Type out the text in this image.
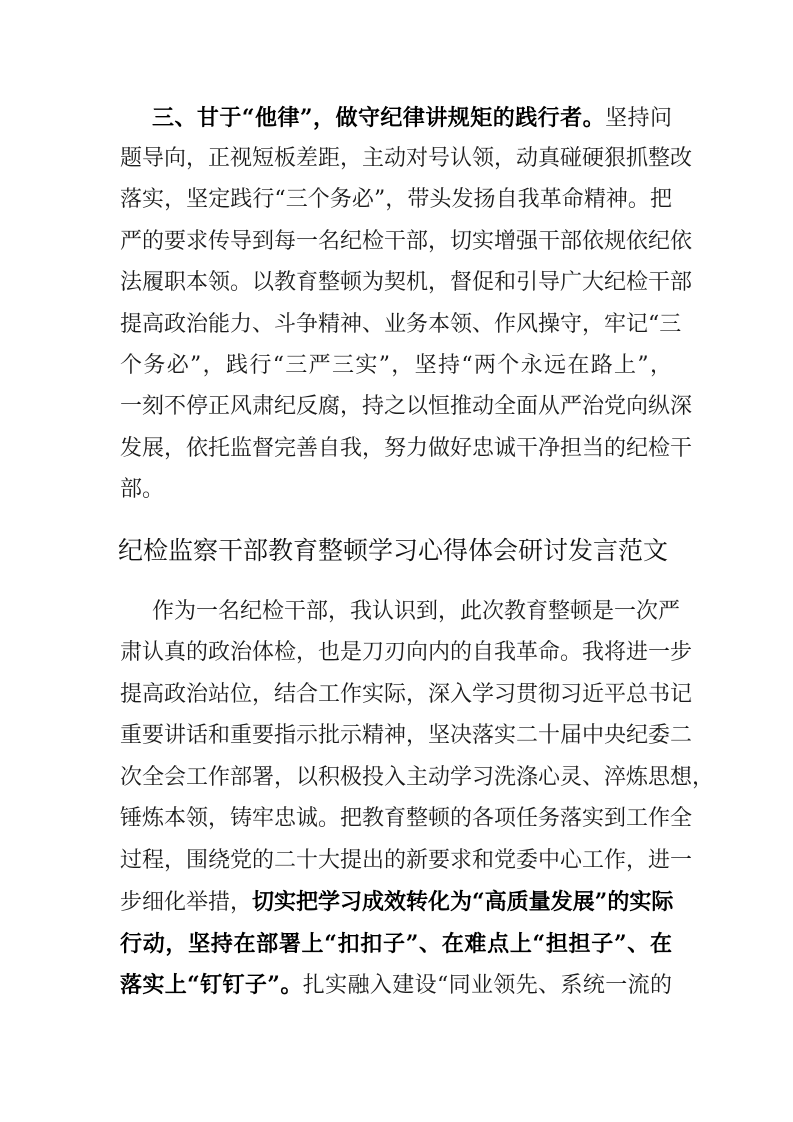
三、甘于“他律”，做守纪律讲规矩的践行者。坚持问
题导向，正视短板差距，主动对号认领，动真碰硬狠抓整改
落实，坚定践行“三个务必”，带头发扬自我革命精神。把
严的要求传导到每一名纪检干部，切实增强干部依规依纪依
法履职本领。以教育整顿为契机，督促和引导广大纪检干部
提高政治能力、斗争精神、业务本领、作风操守，牢记“三
个务必”，践行“三严三实”，坚持“两个永远在路上”，
一刻不停正风肃纪反腐，持之以恒推动全面从严治党向纵深
发展，依托监督完善自我，努力做好忠诚干净担当的纪检干
部。
纪检监察干部教育整顿学习心得体会研讨发言范文
作为一名纪检干部，我认识到，此次教育整顿是一次严
肃认真的政治体检，也是刀刃向内的自我革命。我将进一步
提高政治站位，结合工作实际，深入学习贯彻习近平总书记
重要讲话和重要指示批示精神，坚决落实二十届中央纪委二
次全会工作部署，以积极投入主动学习洗涤心灵、淬炼思想，
锤炼本领，铸牢忠诚。把教育整顿的各项任务落实到工作全
过程，围绕党的二十大提出的新要求和党委中心工作，进一
步细化举措，切实把学习成效转化为“高质量发展”的实际
行动，坚持在部署上“扣扣子”、在难点上“担担子”、在
落实上“钉钉子”。扎实融入建设“同业领先、系统一流的
